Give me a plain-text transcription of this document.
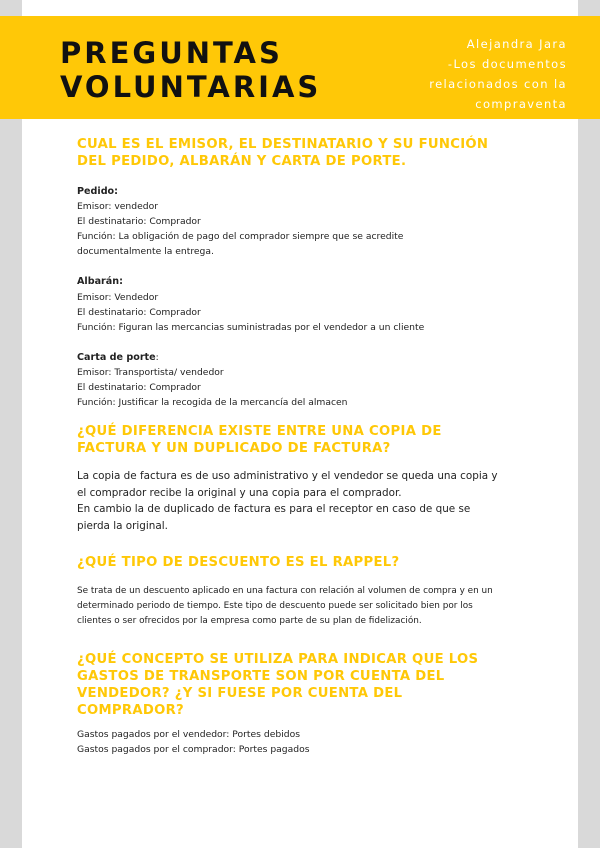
PREGUNTAS
VOLUNTARIAS
Alejandra Jara
-Los documentos
relacionados con la
compraventa
CUAL ES EL EMISOR, EL DESTINATARIO Y SU FUNCIÓN
DEL PEDIDO, ALBARÁN Y CARTA DE PORTE.
Pedido:
Emisor: vendedor
El destinatario: Comprador
Función: La obligación de pago del comprador siempre que se acredite
documentalmente la entrega.
Albarán:
Emisor: Vendedor
El destinatario: Comprador
Función: Figuran las mercancias suministradas por el vendedor a un cliente
Carta de porte:
Emisor: Transportista/ vendedor
El destinatario: Comprador
Función: Justificar la recogida de la mercancía del almacen
¿QUÉ DIFERENCIA EXISTE ENTRE UNA COPIA DE
FACTURA Y UN DUPLICADO DE FACTURA?
La copia de factura es de uso administrativo y el vendedor se queda una copia y
el comprador recibe la original y una copia para el comprador.
En cambio la de duplicado de factura es para el receptor en caso de que se
pierda la original.
¿QUÉ TIPO DE DESCUENTO ES EL RAPPEL?
Se trata de un descuento aplicado en una factura con relación al volumen de compra y en un
determinado periodo de tiempo. Este tipo de descuento puede ser solicitado bien por los
clientes o ser ofrecidos por la empresa como parte de su plan de fidelización.
¿QUÉ CONCEPTO SE UTILIZA PARA INDICAR QUE LOS
GASTOS DE TRANSPORTE SON POR CUENTA DEL
VENDEDOR? ¿Y SI FUESE POR CUENTA DEL
COMPRADOR?
Gastos pagados por el vendedor: Portes debidos
Gastos pagados por el comprador: Portes pagados
